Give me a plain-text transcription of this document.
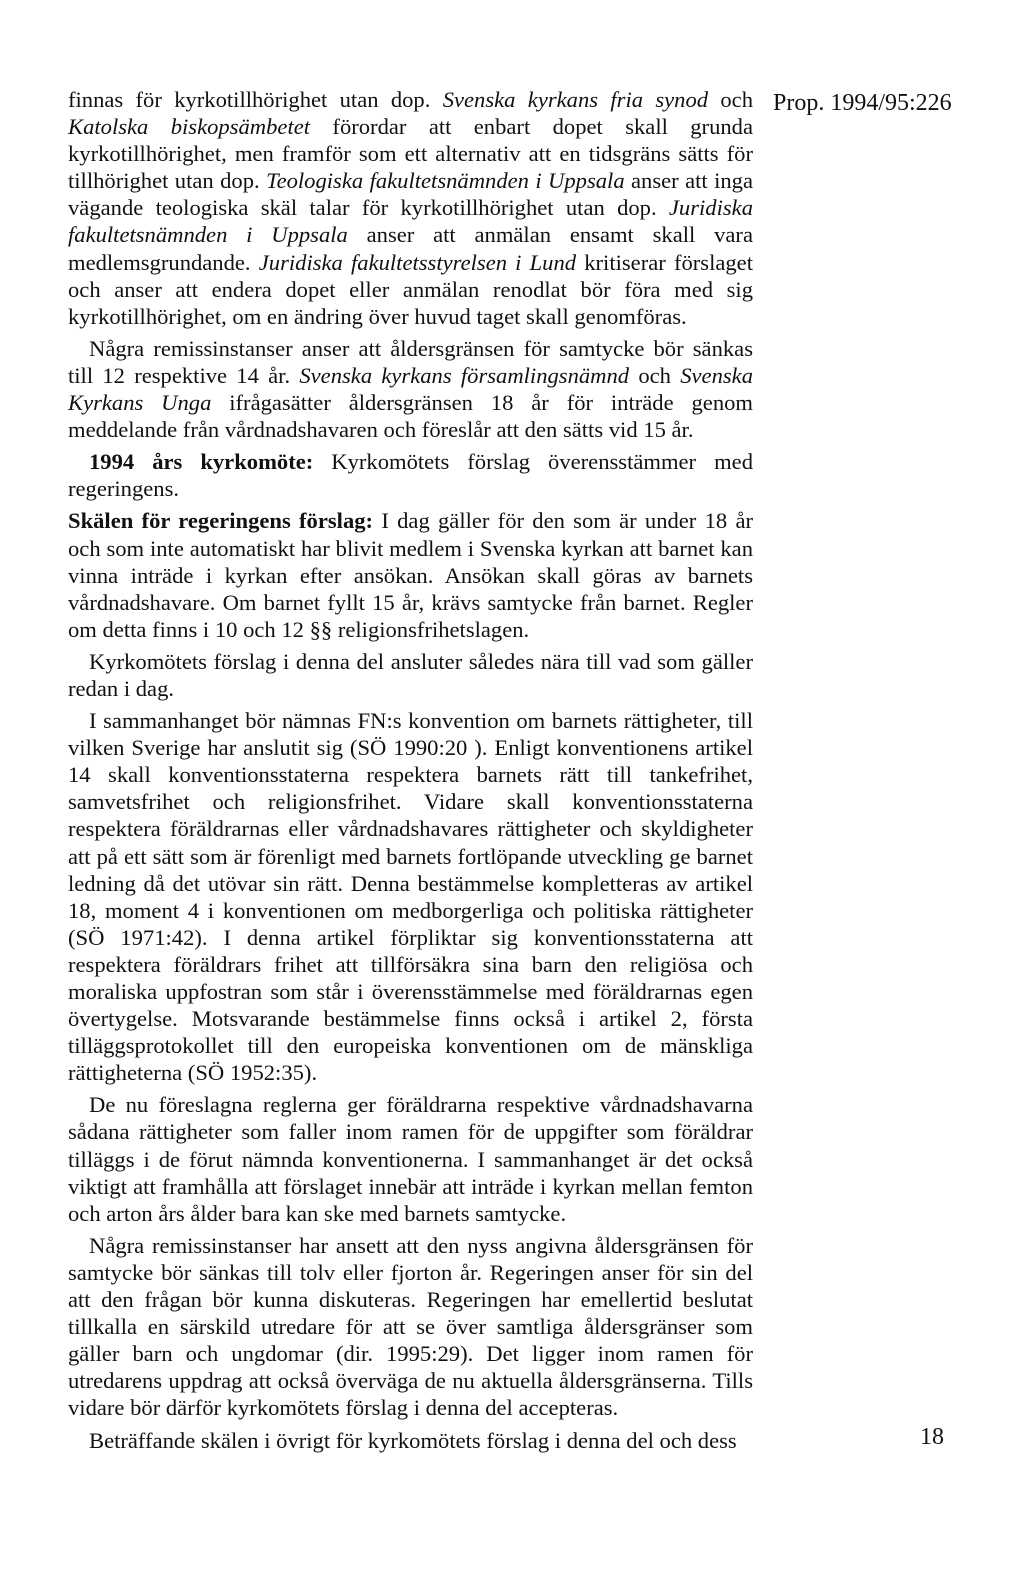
Prop. 1994/95:226

finnas för kyrkotillhörighet utan dop. Svenska kyrkans fria synod och Katolska biskopsämbetet förordar att enbart dopet skall grunda kyrkotillhörighet, men framför som ett alternativ att en tidsgräns sätts för tillhörighet utan dop. Teologiska fakultetsnämnden i Uppsala anser att inga vägande teologiska skäl talar för kyrkotillhörighet utan dop. Juridiska fakultetsnämnden i Uppsala anser att anmälan ensamt skall vara medlemsgrundande. Juridiska fakultetsstyrelsen i Lund kritiserar förslaget och anser att endera dopet eller anmälan renodlat bör föra med sig kyrkotillhörighet, om en ändring över huvud taget skall genomföras.

Några remissinstanser anser att åldersgränsen för samtycke bör sänkas till 12 respektive 14 år. Svenska kyrkans församlingsnämnd och Svenska Kyrkans Unga ifrågasätter åldersgränsen 18 år för inträde genom meddelande från vårdnadshavaren och föreslår att den sätts vid 15 år.

1994 års kyrkomöte: Kyrkomötets förslag överensstämmer med regeringens.

Skälen för regeringens förslag: I dag gäller för den som är under 18 år och som inte automatiskt har blivit medlem i Svenska kyrkan att barnet kan vinna inträde i kyrkan efter ansökan. Ansökan skall göras av barnets vårdnadshavare. Om barnet fyllt 15 år, krävs samtycke från barnet. Regler om detta finns i 10 och 12 §§ religionsfrihetslagen.

Kyrkomötets förslag i denna del ansluter således nära till vad som gäller redan i dag.

I sammanhanget bör nämnas FN:s konvention om barnets rättigheter, till vilken Sverige har anslutit sig (SÖ 1990:20 ). Enligt konventionens artikel 14 skall konventionsstaterna respektera barnets rätt till tankefrihet, samvetsfrihet och religionsfrihet. Vidare skall konventionsstaterna respektera föräldrarnas eller vårdnadshavares rättigheter och skyldigheter att på ett sätt som är förenligt med barnets fortlöpande utveckling ge barnet ledning då det utövar sin rätt. Denna bestämmelse kompletteras av artikel 18, moment 4 i konventionen om medborgerliga och politiska rättigheter (SÖ 1971:42). I denna artikel förpliktar sig konventionsstaterna att respektera föräldrars frihet att tillförsäkra sina barn den religiösa och moraliska uppfostran som står i överensstämmelse med föräldrarnas egen övertygelse. Motsvarande bestämmelse finns också i artikel 2, första tilläggsprotokollet till den europeiska konventionen om de mänskliga rättigheterna (SÖ 1952:35).

De nu föreslagna reglerna ger föräldrarna respektive vårdnadshavarna sådana rättigheter som faller inom ramen för de uppgifter som föräldrar tilläggs i de förut nämnda konventionerna. I sammanhanget är det också viktigt att framhålla att förslaget innebär att inträde i kyrkan mellan femton och arton års ålder bara kan ske med barnets samtycke.

Några remissinstanser har ansett att den nyss angivna åldersgränsen för samtycke bör sänkas till tolv eller fjorton år. Regeringen anser för sin del att den frågan bör kunna diskuteras. Regeringen har emellertid beslutat tillkalla en särskild utredare för att se över samtliga åldersgränser som gäller barn och ungdomar (dir. 1995:29). Det ligger inom ramen för utredarens uppdrag att också överväga de nu aktuella åldersgränserna. Tills vidare bör därför kyrkomötets förslag i denna del accepteras.

Beträffande skälen i övrigt för kyrkomötets förslag i denna del och dess	18
